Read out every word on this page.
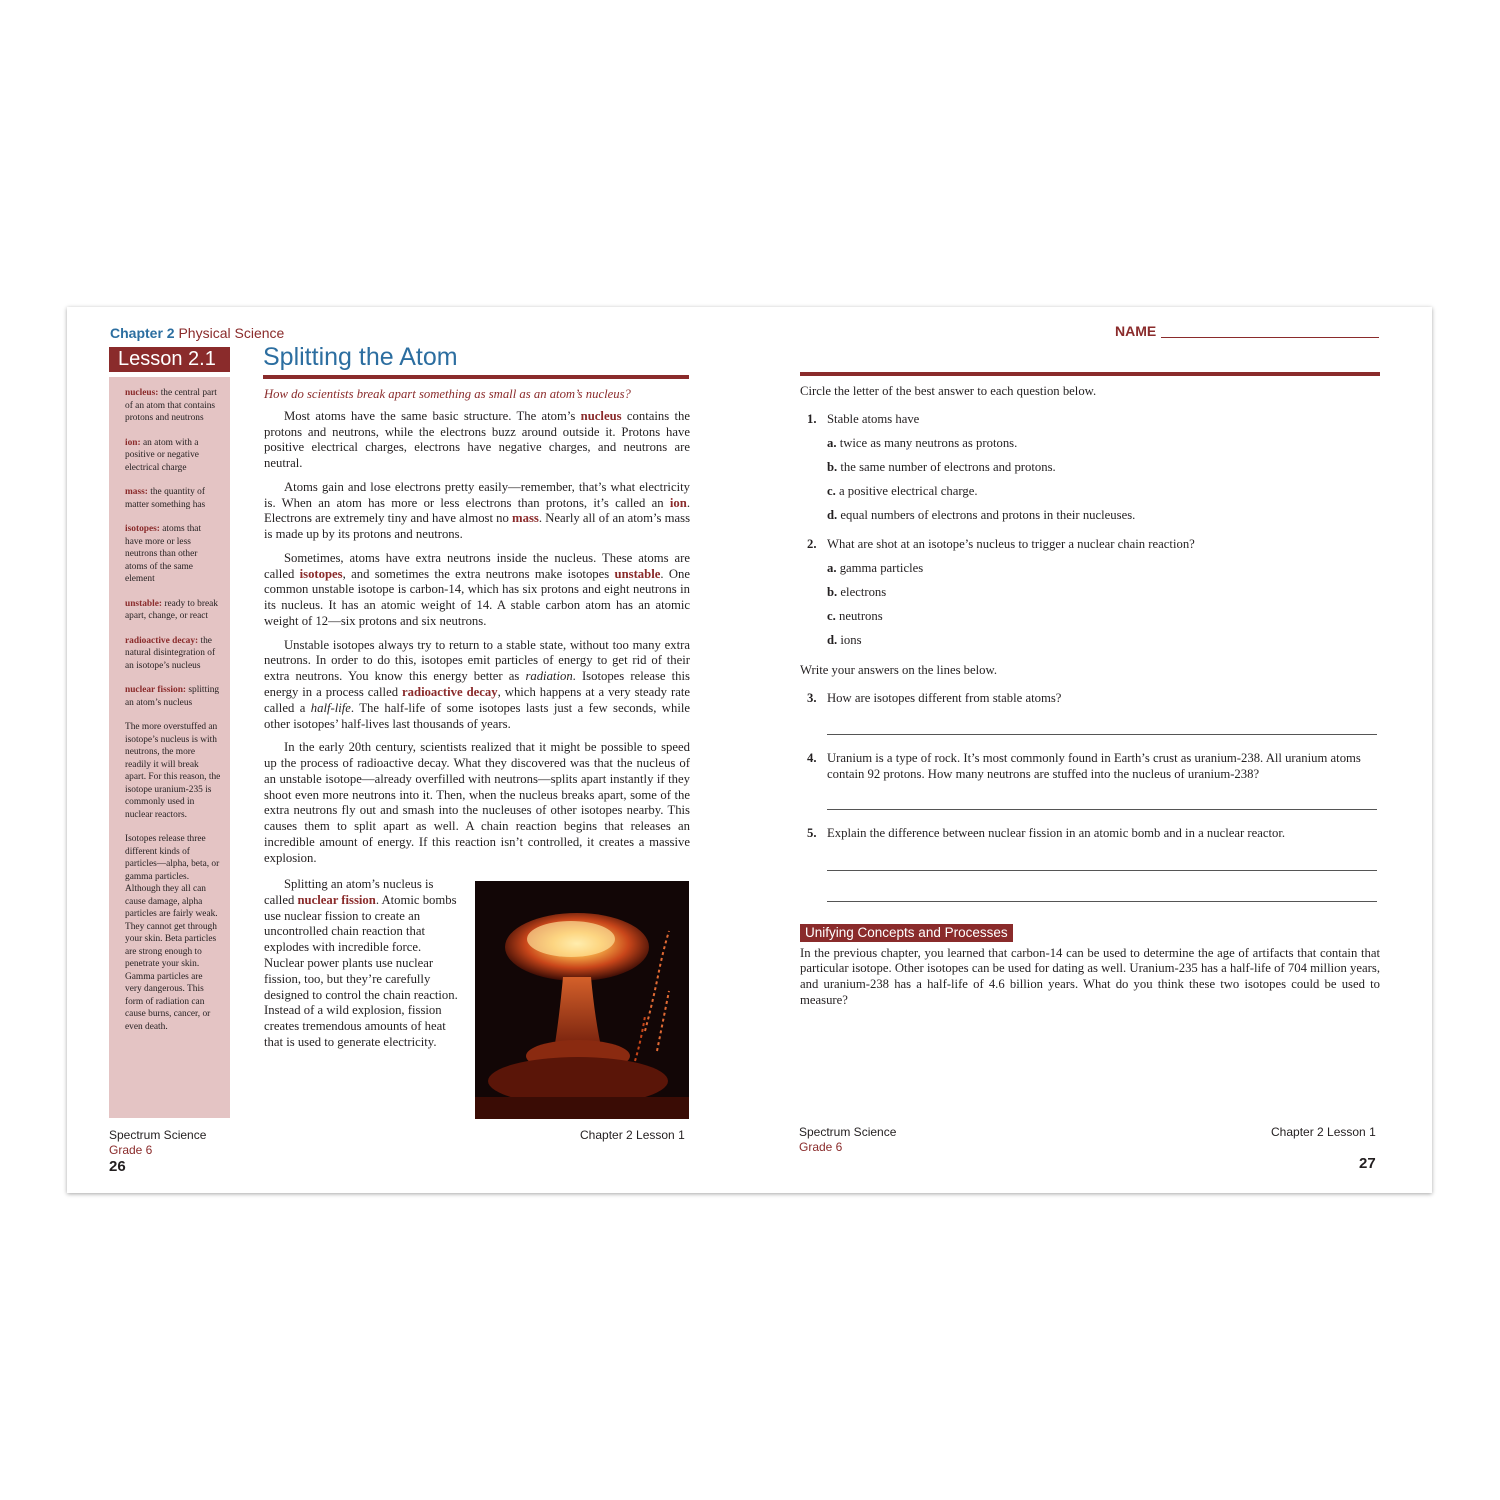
Chapter 2 Physical Science
Lesson 2.1	Splitting the Atom
nucleus: the central part of an atom that contains protons and neutrons
ion: an atom with a positive or negative electrical charge
mass: the quantity of matter something has
isotopes: atoms that have more or less neutrons than other atoms of the same element
unstable: ready to break apart, change, or react
radioactive decay: the natural disintegration of an isotope’s nucleus
nuclear fission: splitting an atom’s nucleus
The more overstuffed an isotope’s nucleus is with neutrons, the more readily it will break apart. For this reason, the isotope uranium-235 is commonly used in nuclear reactors.
Isotopes release three different kinds of particles—alpha, beta, or gamma particles. Although they all can cause damage, alpha particles are fairly weak. They cannot get through your skin. Beta particles are strong enough to penetrate your skin. Gamma particles are very dangerous. This form of radiation can cause burns, cancer, or even death.

How do scientists break apart something as small as an atom’s nucleus?

Most atoms have the same basic structure. The atom’s nucleus contains the protons and neutrons, while the electrons buzz around outside it. Protons have positive electrical charges, electrons have negative charges, and neutrons are neutral.

Atoms gain and lose electrons pretty easily—remember, that’s what electricity is. When an atom has more or less electrons than protons, it’s called an ion. Electrons are extremely tiny and have almost no mass. Nearly all of an atom’s mass is made up by its protons and neutrons.

Sometimes, atoms have extra neutrons inside the nucleus. These atoms are called isotopes, and sometimes the extra neutrons make isotopes unstable. One common unstable isotope is carbon-14, which has six protons and eight neutrons in its nucleus. It has an atomic weight of 14. A stable carbon atom has an atomic weight of 12—six protons and six neutrons.

Unstable isotopes always try to return to a stable state, without too many extra neutrons. In order to do this, isotopes emit particles of energy to get rid of their extra neutrons. You know this energy better as radiation. Isotopes release this energy in a process called radioactive decay, which happens at a very steady rate called a half-life. The half-life of some isotopes lasts just a few seconds, while other isotopes’ half-lives last thousands of years.

In the early 20th century, scientists realized that it might be possible to speed up the process of radioactive decay. What they discovered was that the nucleus of an unstable isotope—already overfilled with neutrons—splits apart instantly if they shoot even more neutrons into it. Then, when the nucleus breaks apart, some of the extra neutrons fly out and smash into the nucleuses of other isotopes nearby. This causes them to split apart as well. A chain reaction begins that releases an incredible amount of energy. If this reaction isn’t controlled, it creates a massive explosion.

Splitting an atom’s nucleus is called nuclear fission. Atomic bombs use nuclear fission to create an uncontrolled chain reaction that explodes with incredible force. Nuclear power plants use nuclear fission, too, but they’re carefully designed to control the chain reaction. Instead of a wild explosion, fission creates tremendous amounts of heat that is used to generate electricity.

Spectrum Science
Grade 6
26
Chapter 2 Lesson 1
NAME

Circle the letter of the best answer to each question below.

1. Stable atoms have
a. twice as many neutrons as protons.
b. the same number of electrons and protons.
c. a positive electrical charge.
d. equal numbers of electrons and protons in their nucleuses.
2. What are shot at an isotope’s nucleus to trigger a nuclear chain reaction?
a. gamma particles
b. electrons
c. neutrons
d. ions

Write your answers on the lines below.

3. How are isotopes different from stable atoms?
4. Uranium is a type of rock. It’s most commonly found in Earth’s crust as uranium-238. All uranium atoms contain 92 protons. How many neutrons are stuffed into the nucleus of uranium-238?
5. Explain the difference between nuclear fission in an atomic bomb and in a nuclear reactor.
Unifying Concepts and Processes

In the previous chapter, you learned that carbon-14 can be used to determine the age of artifacts that contain that particular isotope. Other isotopes can be used for dating as well. Uranium-235 has a half-life of 704 million years, and uranium-238 has a half-life of 4.6 billion years. What do you think these two isotopes could be used to measure?

Spectrum Science
Grade 6
Chapter 2 Lesson 1
27
